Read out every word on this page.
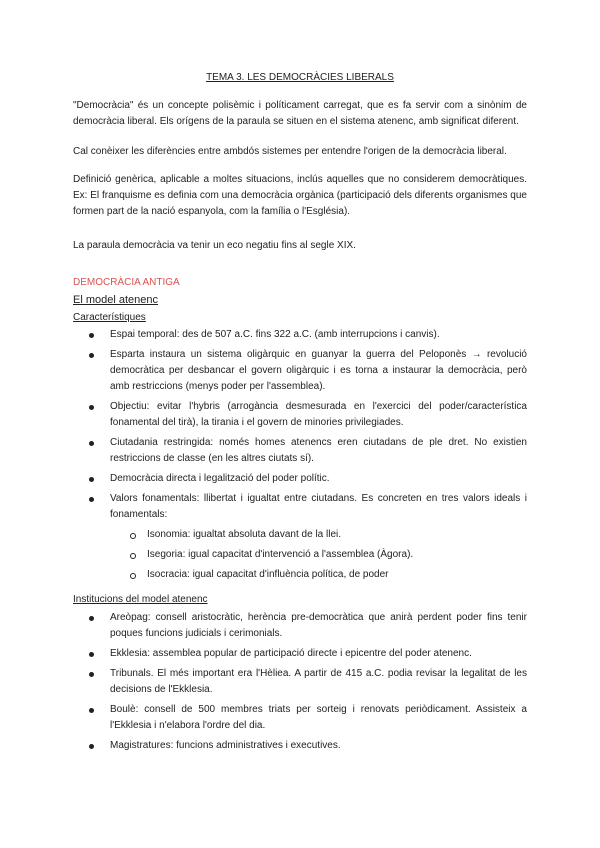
TEMA 3. LES DEMOCRÀCIES LIBERALS
"Democràcia" és un concepte polisèmic i políticament carregat, que es fa servir com a sinònim de democràcia liberal. Els orígens de la paraula se situen en el sistema atenenc, amb significat diferent.
Cal conèixer les diferències entre ambdós sistemes per entendre l'origen de la democràcia liberal.
Definició genèrica, aplicable a moltes situacions, inclús aquelles que no considerem democràtiques. Ex: El franquisme es definia com una democràcia orgànica (participació dels diferents organismes que formen part de la nació espanyola, com la família o l'Església).
La paraula democràcia va tenir un eco negatiu fins al segle XIX.
DEMOCRÀCIA ANTIGA
El model atenenc
Característiques
Espai temporal: des de 507 a.C. fins 322 a.C. (amb interrupcions i canvis).
Esparta instaura un sistema oligàrquic en guanyar la guerra del Peloponès → revolució democràtica per desbancar el govern oligàrquic i es torna a instaurar la democràcia, però amb restriccions (menys poder per l'assemblea).
Objectiu: evitar l'hybris (arrogància desmesurada en l'exercici del poder/característica fonamental del tirà), la tirania i el govern de minories privilegiades.
Ciutadania restringida: només homes atenencs eren ciutadans de ple dret. No existien restriccions de classe (en les altres ciutats sí).
Democràcia directa i legalització del poder polític.
Valors fonamentals: llibertat i igualtat entre ciutadans. Es concreten en tres valors ideals i fonamentals:
Isonomia: igualtat absoluta davant de la llei.
Isegoria: igual capacitat d'intervenció a l'assemblea (Àgora).
Isocracia: igual capacitat d'influència política, de poder
Institucions del model atenenc
Areòpag: consell aristocràtic, herència pre-democràtica que anirà perdent poder fins tenir poques funcions judicials i cerimonials.
Ekklesia: assemblea popular de participació directe i epicentre del poder atenenc.
Tribunals. El més important era l'Hèliea. A partir de 415 a.C. podia revisar la legalitat de les decisions de l'Ekklesia.
Boulè: consell de 500 membres triats per sorteig i renovats periòdicament. Assisteix a l'Ekklesia i n'elabora l'ordre del dia.
Magistratures: funcions administratives i executives.
